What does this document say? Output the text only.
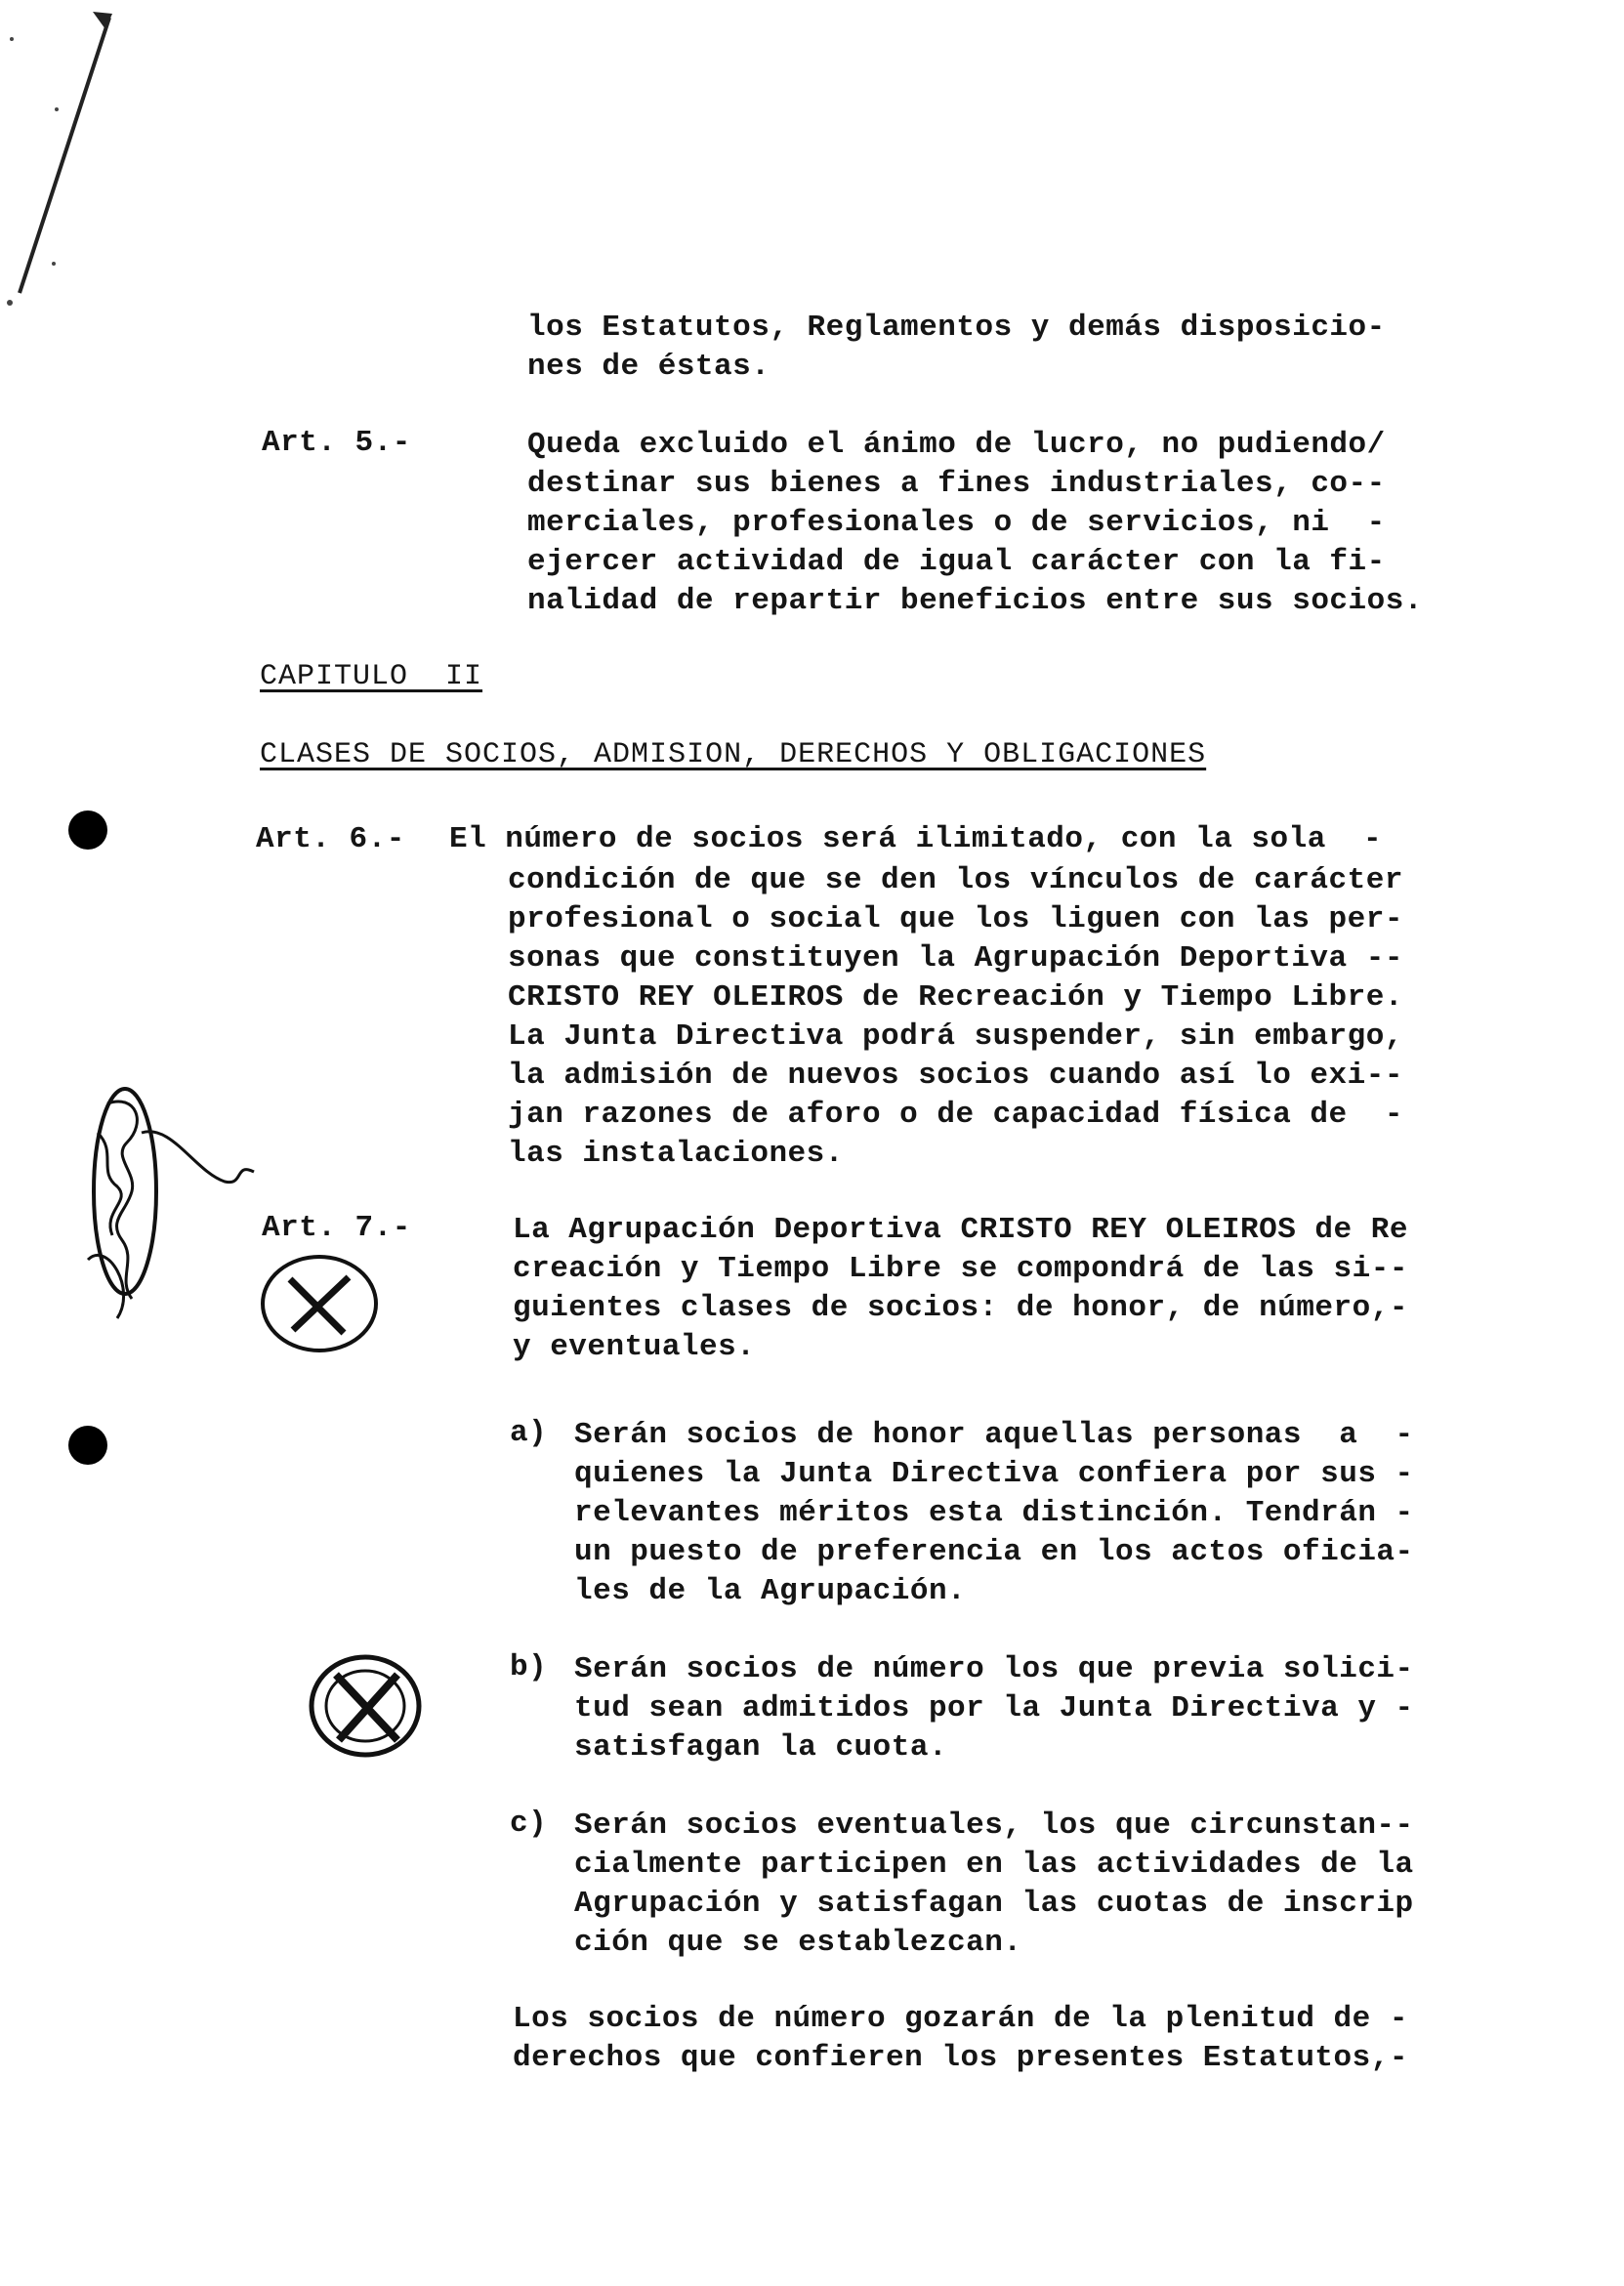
los Estatutos, Reglamentos y demás disposicio-

nes de éstas.

Art. 5.-

	Queda excluido el ánimo de lucro, no pudiendo/

destinar sus bienes a fines industriales, co--

merciales, profesionales o de servicios, ni  -

ejercer actividad de igual carácter con la fi-

nalidad de repartir beneficios entre sus socios.

CAPITULO  II
CLASES DE SOCIOS, ADMISION, DERECHOS Y OBLIGACIONES
Art. 6.- El número de socios será ilimitado, con la sola  -

condición de que se den los vínculos de carácter

profesional o social que los liguen con las per-

sonas que constituyen la Agrupación Deportiva --

CRISTO REY OLEIROS de Recreación y Tiempo Libre.

La Junta Directiva podrá suspender, sin embargo,

la admisión de nuevos socios cuando así lo exi--

jan razones de aforo o de capacidad física de  -

las instalaciones.

Art. 7.-

	La Agrupación Deportiva CRISTO REY OLEIROS de Re

creación y Tiempo Libre se compondrá de las si--

guientes clases de socios: de honor, de número,-

y eventuales.

a)

Serán socios de honor aquellas personas  a  -

quienes la Junta Directiva confiera por sus -

relevantes méritos esta distinción. Tendrán -

un puesto de preferencia en los actos oficia-

les de la Agrupación.

b)

Serán socios de número los que previa solici-

tud sean admitidos por la Junta Directiva y -

satisfagan la cuota.

c)

Serán socios eventuales, los que circunstan--

cialmente participen en las actividades de la

Agrupación y satisfagan las cuotas de inscrip

ción que se establezcan.

Los socios de número gozarán de la plenitud de -

derechos que confieren los presentes Estatutos,-
